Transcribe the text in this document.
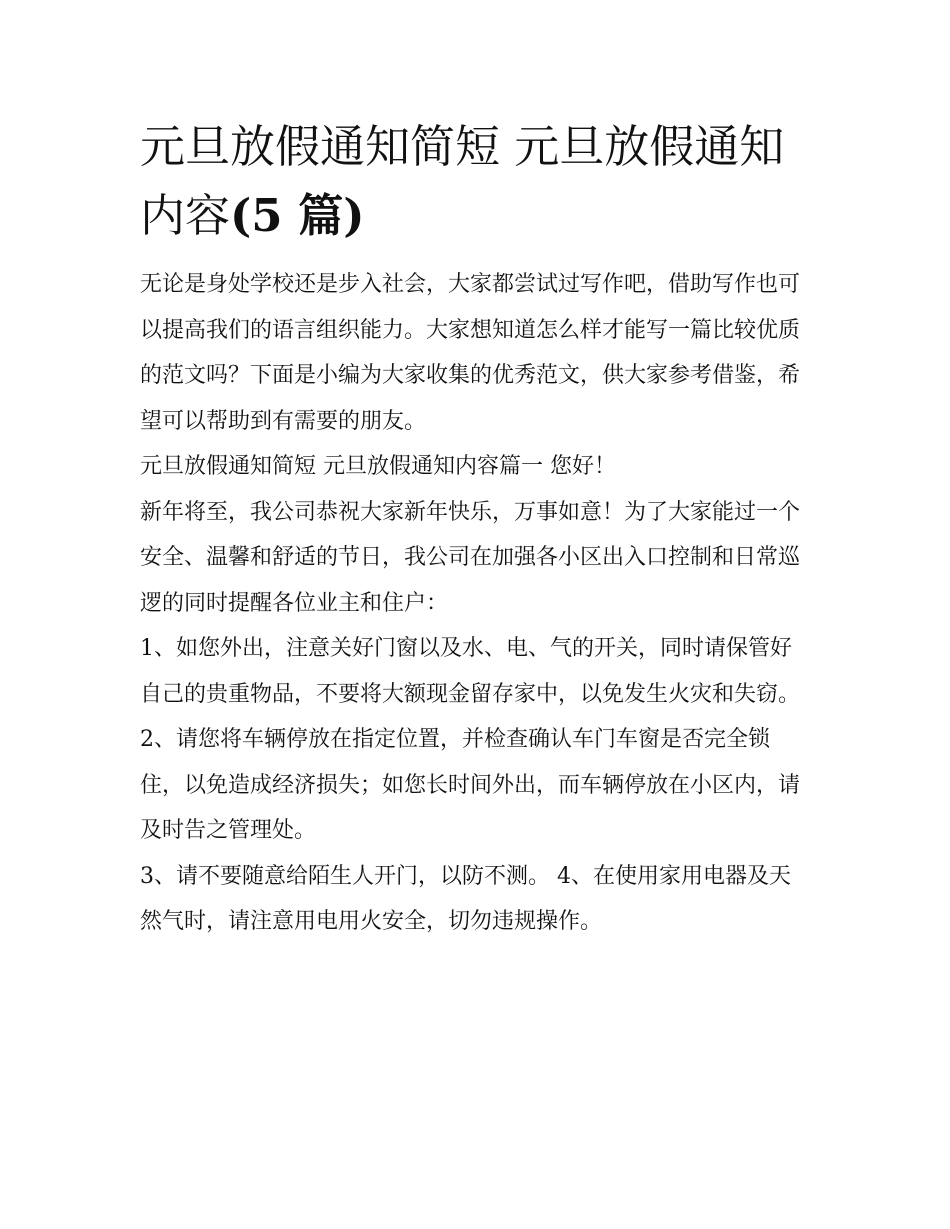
元旦放假通知简短 元旦放假通知内容(5 篇)

无论是身处学校还是步入社会，大家都尝试过写作吧，借助写作也可以提高我们的语言组织能力。大家想知道怎么样才能写一篇比较优质的范文吗？下面是小编为大家收集的优秀范文，供大家参考借鉴，希望可以帮助到有需要的朋友。

元旦放假通知简短 元旦放假通知内容篇一 您好！

新年将至，我公司恭祝大家新年快乐，万事如意！为了大家能过一个安全、温馨和舒适的节日，我公司在加强各小区出入口控制和日常巡逻的同时提醒各位业主和住户：

1、如您外出，注意关好门窗以及水、电、气的开关，同时请保管好自己的贵重物品，不要将大额现金留存家中，以免发生火灾和失窃。

2、请您将车辆停放在指定位置，并检查确认车门车窗是否完全锁住，以免造成经济损失；如您长时间外出，而车辆停放在小区内，请及时告之管理处。

3、请不要随意给陌生人开门，以防不测。 4、在使用家用电器及天然气时，请注意用电用火安全，切勿违规操作。
